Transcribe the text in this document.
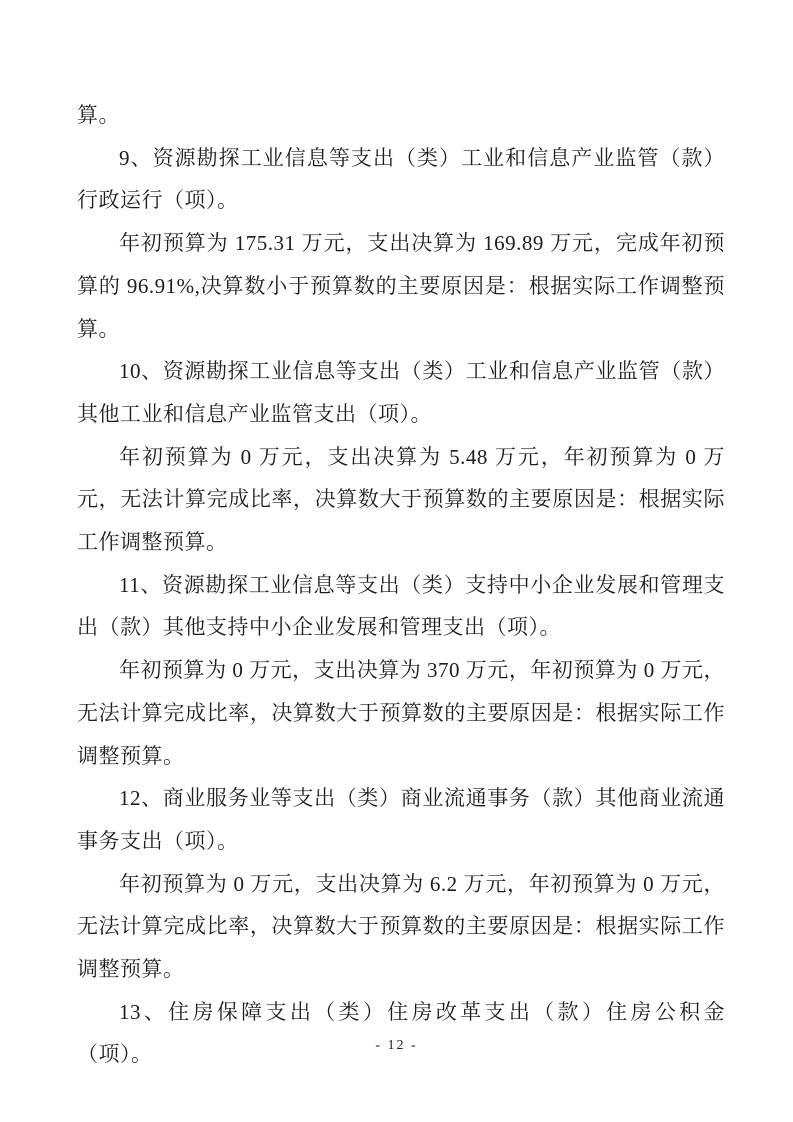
算。

9、资源勘探工业信息等支出（类）工业和信息产业监管（款）行政运行（项）。

年初预算为 175.31 万元，支出决算为 169.89 万元，完成年初预算的 96.91%,决算数小于预算数的主要原因是：根据实际工作调整预算。

10、资源勘探工业信息等支出（类）工业和信息产业监管（款）其他工业和信息产业监管支出（项）。

年初预算为 0 万元，支出决算为 5.48 万元，年初预算为 0 万元，无法计算完成比率，决算数大于预算数的主要原因是：根据实际工作调整预算。

11、资源勘探工业信息等支出（类）支持中小企业发展和管理支出（款）其他支持中小企业发展和管理支出（项）。

年初预算为 0 万元，支出决算为 370 万元，年初预算为 0 万元，无法计算完成比率，决算数大于预算数的主要原因是：根据实际工作调整预算。

12、商业服务业等支出（类）商业流通事务（款）其他商业流通事务支出（项）。

年初预算为 0 万元，支出决算为 6.2 万元，年初预算为 0 万元，无法计算完成比率，决算数大于预算数的主要原因是：根据实际工作调整预算。

13、住房保障支出（类）住房改革支出（款）住房公积金（项）。	- 12 -
